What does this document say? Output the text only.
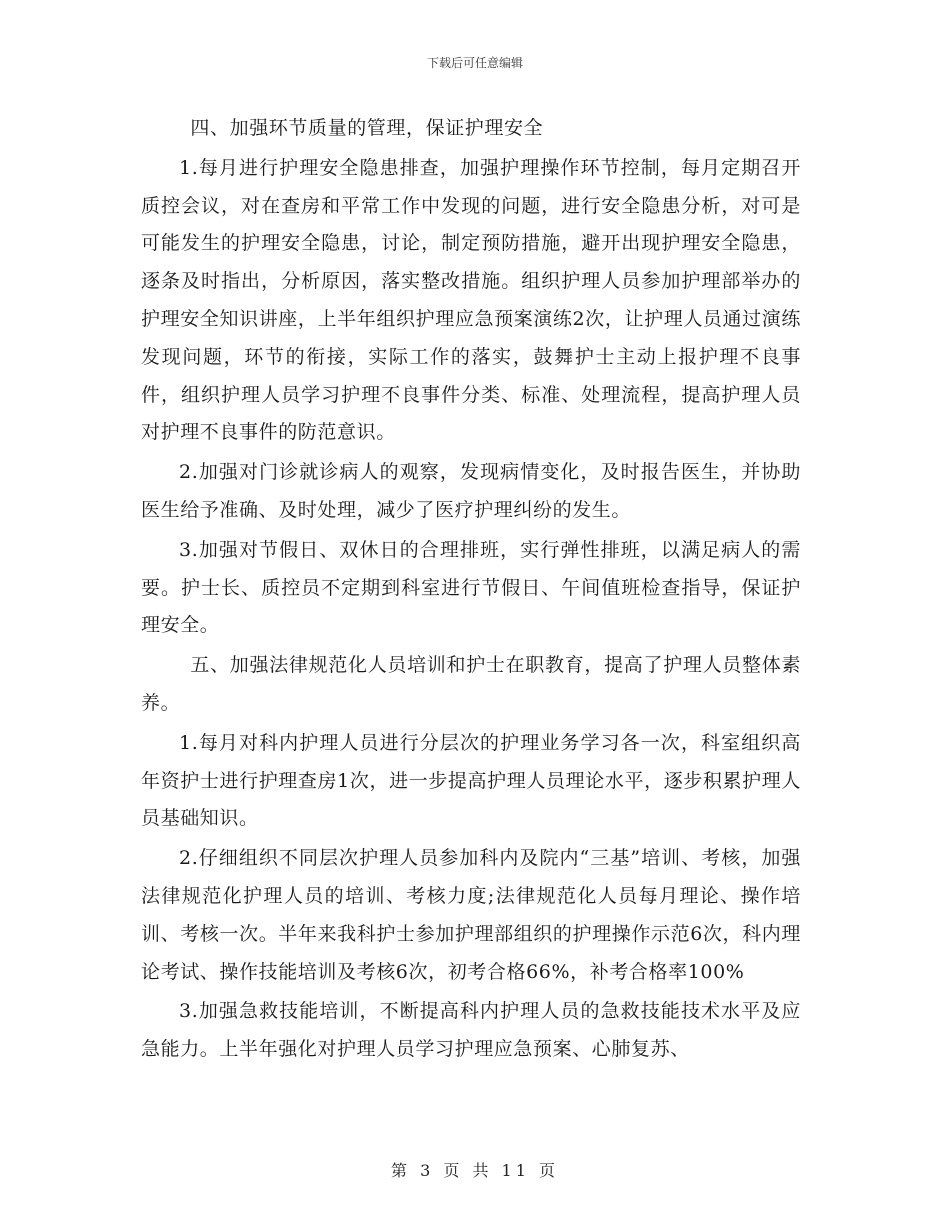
下载后可任意编辑

四、加强环节质量的管理，保证护理安全

1.每月进行护理安全隐患排查，加强护理操作环节控制，每月定期召开质控会议，对在查房和平常工作中发现的问题，进行安全隐患分析，对可是可能发生的护理安全隐患，讨论，制定预防措施，避开出现护理安全隐患，逐条及时指出，分析原因，落实整改措施。组织护理人员参加护理部举办的护理安全知识讲座，上半年组织护理应急预案演练2次，让护理人员通过演练发现问题，环节的衔接，实际工作的落实，鼓舞护士主动上报护理不良事件，组织护理人员学习护理不良事件分类、标准、处理流程，提高护理人员对护理不良事件的防范意识。

2.加强对门诊就诊病人的观察，发现病情变化，及时报告医生，并协助医生给予准确、及时处理，减少了医疗护理纠纷的发生。

3.加强对节假日、双休日的合理排班，实行弹性排班，以满足病人的需要。护士长、质控员不定期到科室进行节假日、午间值班检查指导，保证护理安全。

五、加强法律规范化人员培训和护士在职教育，提高了护理人员整体素养。

1.每月对科内护理人员进行分层次的护理业务学习各一次，科室组织高年资护士进行护理查房1次，进一步提高护理人员理论水平，逐步积累护理人员基础知识。

2.仔细组织不同层次护理人员参加科内及院内“三基”培训、考核，加强法律规范化护理人员的培训、考核力度;法律规范化人员每月理论、操作培训、考核一次。半年来我科护士参加护理部组织的护理操作示范6次，科内理论考试、操作技能培训及考核6次，初考合格66%，补考合格率100%

3.加强急救技能培训，不断提高科内护理人员的急救技能技术水平及应急能力。上半年强化对护理人员学习护理应急预案、心肺复苏、

第 3 页 共 11 页
